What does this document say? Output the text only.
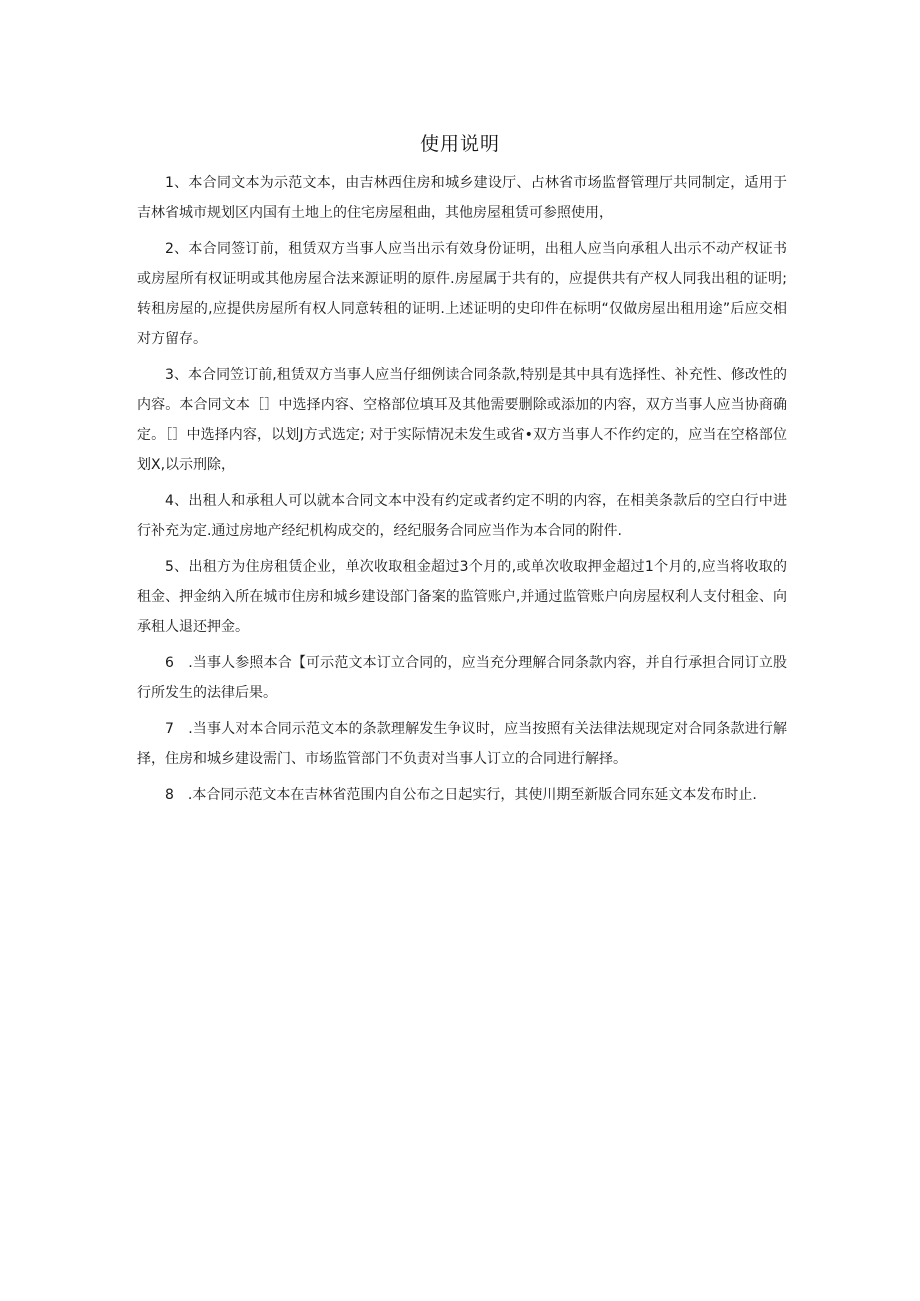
使用说明

1、本合同文本为示范文本，由吉林西住房和城乡建设厅、占林省市场监督管理厅共同制定，适用于吉林省城市规划区内国有土地上的住宅房屋租曲，其他房屋租赁可参照使用，

2、本合同签订前，租赁双方当事人应当出示有效身份证明，出租人应当向承租人出示不动产权证书或房屋所有权证明或其他房屋合法来源证明的原件.房屋属于共有的，应提供共有产权人同我出租的证明; 转租房屋的,应提供房屋所有权人同意转租的证明.上述证明的史印件在标明“仅做房屋出租用途”后应交相对方留存。

3、本合同笠订前,租赁双方当事人应当仔细例读合同条款,特别是其中具有选择性、补充性、修改性的内容。本合同文本［］中选择内容、空格部位填耳及其他需要删除或添加的内容，双方当事人应当协商确定。［］中选择内容，以划J方式选定; 对于实际情况未发生或省•双方当事人不作约定的，应当在空格部位划X,以示刑除，

4、出租人和承租人可以就本合同文本中没有约定或者约定不明的内容，在相美条款后的空白行中进行补充为定.通过房地产经纪机构成交的，经纪服务合同应当作为本合同的附件.

5、出租方为住房租赁企业，单次收取租金超过3个月的,或单次收取押金超过1个月的,应当将收取的租金、押金纳入所在城市住房和城乡建设部门备案的监管账户,并通过监管账户向房屋权利人支付租金、向承租人退还押金。

6　.当事人参照本合【可示范文本订立合同的，应当充分理解合同条款内容，并自行承担合同订立股行所发生的法律后果。

7　.当事人对本合同示范文本的条款理解发生争议时，应当按照有关法律法规现定对合同条款进行解择，住房和城乡建设需门、市场监管部门不负责对当事人订立的合同进行解择。

8　.本合同示范文本在吉林省范围内自公布之日起实行，其使川期至新版合同东延文本发布时止.
